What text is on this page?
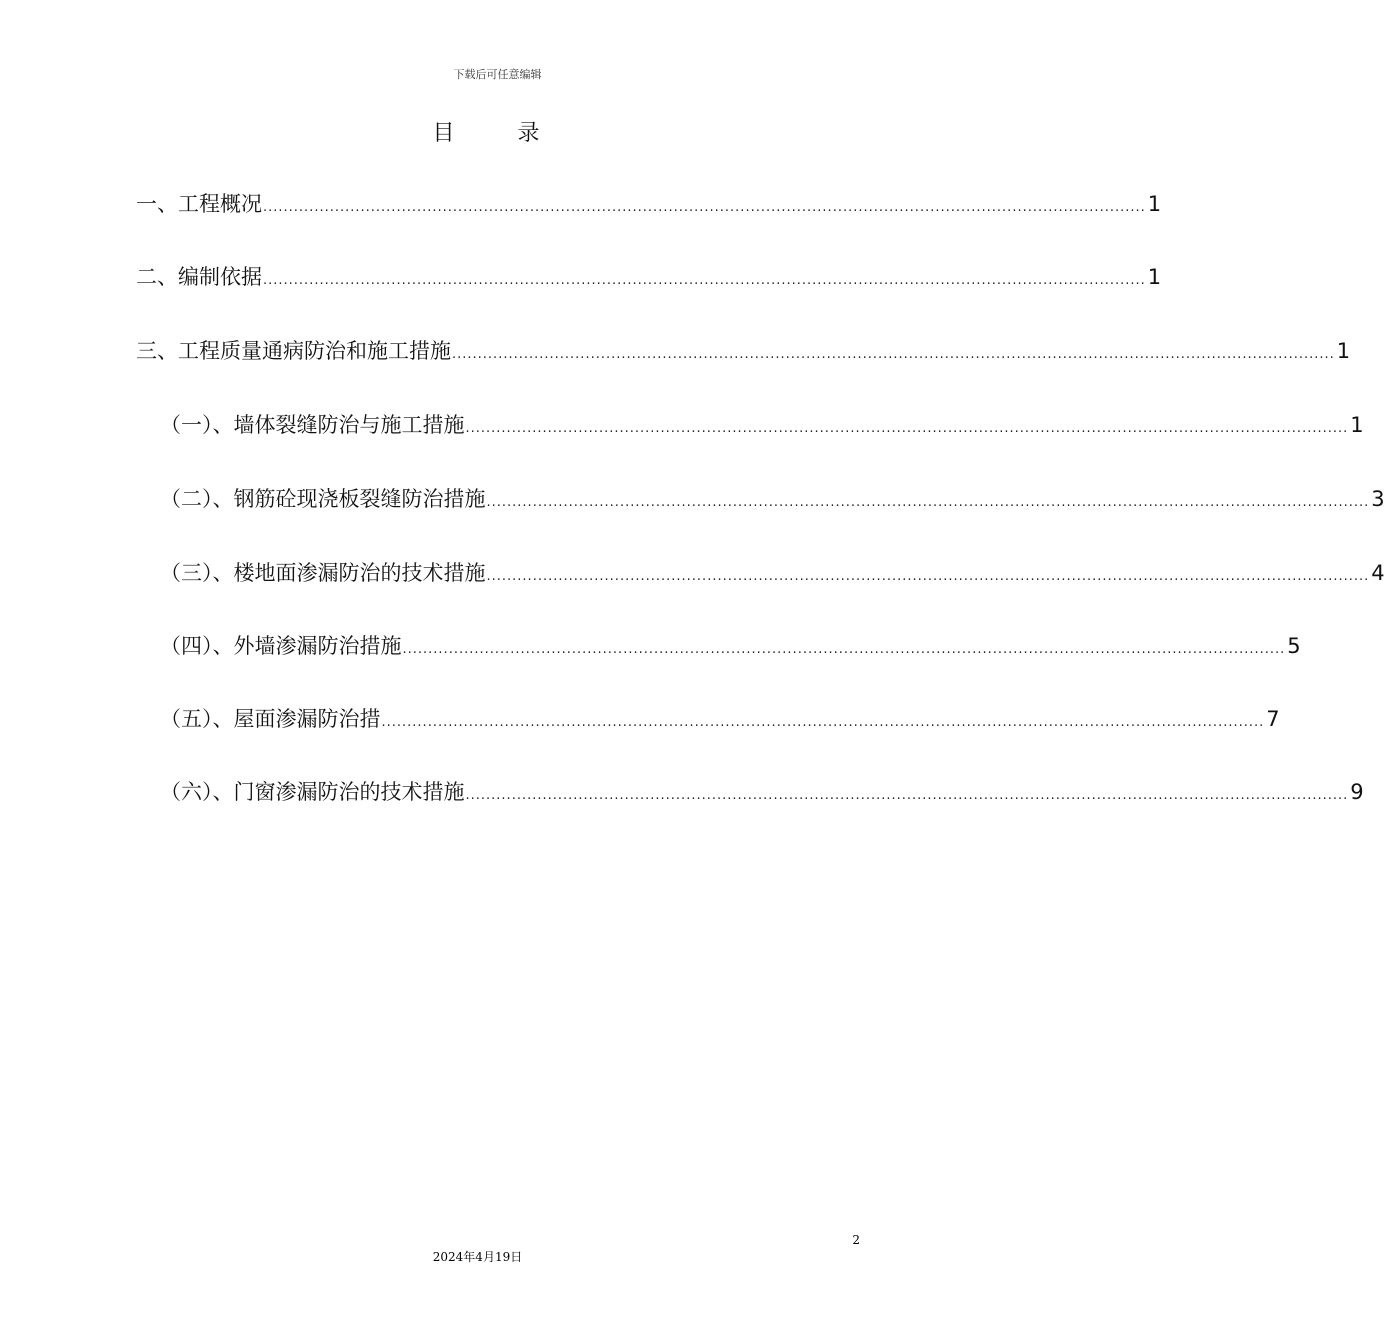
下载后可任意编辑
目 录
一、工程概况 ............................................................................................................................................................................ 1
二、编制依据 ............................................................................................................................................................................ 1
三、工程质量通病防治和施工措施 ............................................................................................................................................................................ 1
（一）、墙体裂缝防治与施工措施 ............................................................................................................................................................................ 1
（二）、钢筋砼现浇板裂缝防治措施 ............................................................................................................................................................................ 3
（三）、楼地面渗漏防治的技术措施 ............................................................................................................................................................................ 4
（四）、外墙渗漏防治措施 ............................................................................................................................................................................ 5
（五）、屋面渗漏防治措 ............................................................................................................................................................................ 7
（六）、门窗渗漏防治的技术措施 ............................................................................................................................................................................ 9
2
2024年4月19日
